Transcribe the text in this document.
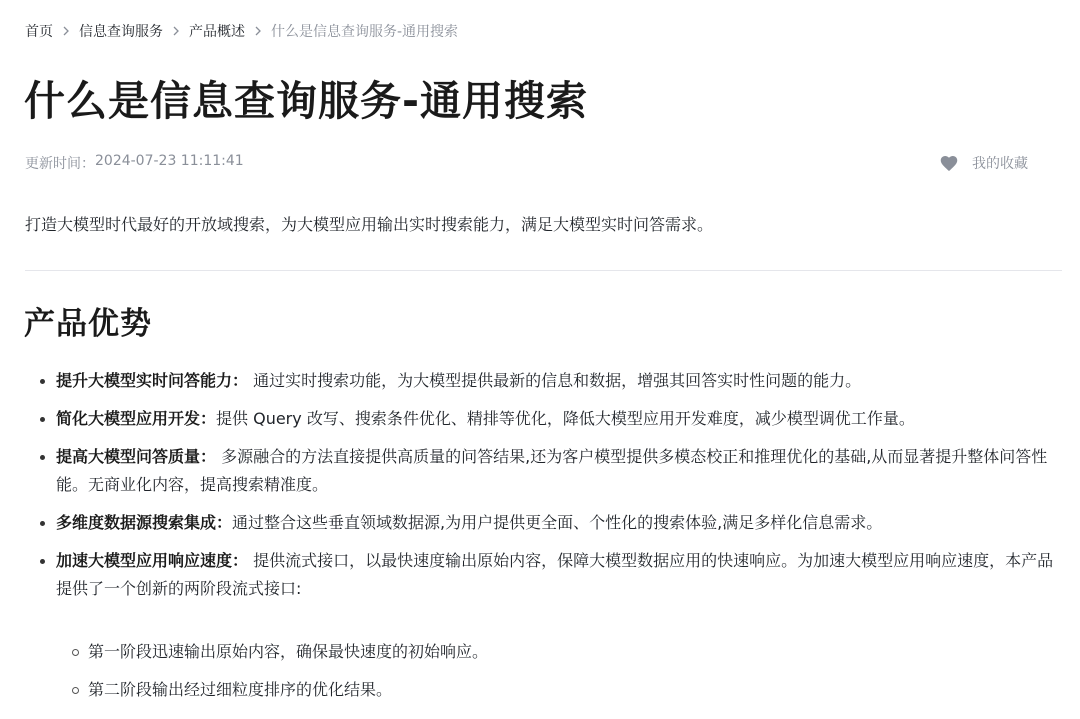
首页 信息查询服务 产品概述 什么是信息查询服务-通用搜索
什么是信息查询服务-通用搜索
更新时间： 2024-07-23 11:11:41	我的收藏

打造大模型时代最好的开放域搜索，为大模型应用输出实时搜索能力，满足大模型实时问答需求。

产品优势
提升大模型实时问答能力： 通过实时搜索功能，为大模型提供最新的信息和数据，增强其回答实时性问题的能力。
简化大模型应用开发：提供 Query 改写、搜索条件优化、精排等优化，降低大模型应用开发难度，减少模型调优工作量。
提高大模型问答质量： 多源融合的方法直接提供高质量的问答结果,还为客户模型提供多模态校正和推理优化的基础,从而显著提升整体问答性能。无商业化内容，提高搜索精准度。
多维度数据源搜索集成：通过整合这些垂直领域数据源,为用户提供更全面、个性化的搜索体验,满足多样化信息需求。
加速大模型应用响应速度： 提供流式接口，以最快速度输出原始内容，保障大模型数据应用的快速响应。为加速大模型应用响应速度，本产品提供了一个创新的两阶段流式接口:
第一阶段迅速输出原始内容，确保最快速度的初始响应。
第二阶段输出经过细粒度排序的优化结果。
